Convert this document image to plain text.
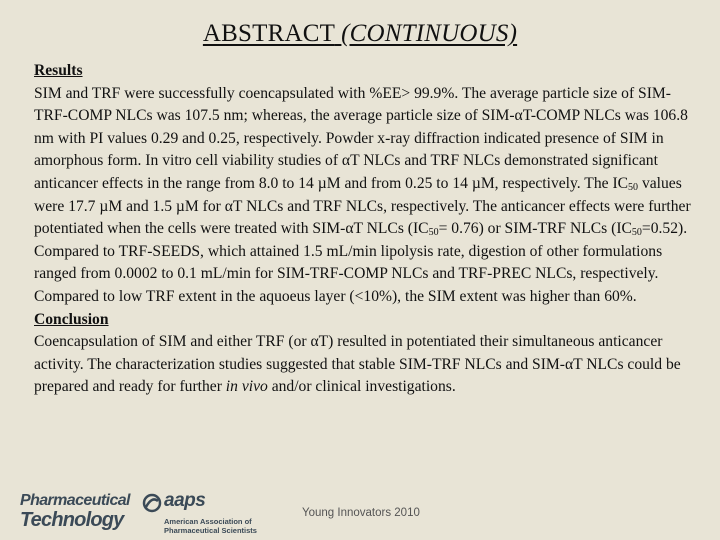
ABSTRACT (CONTINUOUS)
Results
SIM and TRF were successfully coencapsulated with %EE> 99.9%. The average particle size of SIM-TRF-COMP NLCs was 107.5 nm; whereas, the average particle size of SIM-αT-COMP NLCs was 106.8 nm with PI values 0.29 and 0.25, respectively. Powder x-ray diffraction indicated presence of SIM in amorphous form. In vitro cell viability studies of αT NLCs and TRF NLCs demonstrated significant anticancer effects in the range from 8.0 to 14 µM and from 0.25 to 14 µM, respectively. The $IC_{50}$ values were 17.7 µM and 1.5 µM for αT NLCs and TRF NLCs, respectively. The anticancer effects were further potentiated when the cells were treated with SIM-αT NLCs $(IC_{50}= 0.76)$ or SIM-TRF NLCs $(IC_{50}=0.52)$. Compared to TRF-SEEDS, which attained 1.5 mL/min lipolysis rate, digestion of other formulations ranged from 0.0002 to 0.1 mL/min for SIM-TRF-COMP NLCs and TRF-PREC NLCs, respectively. Compared to low TRF extent in the aquoeus layer (<10%), the SIM extent was higher than 60%.
Conclusion
Coencapsulation of SIM and either TRF (or αT) resulted in potentiated their simultaneous anticancer activity. The characterization studies suggested that stable SIM-TRF NLCs and SIM-αT NLCs could be prepared and ready for further in vivo and/or clinical investigations.
Pharmaceutical
Technology
aaps
American Association of
Pharmaceutical Scientists
Young Innovators 2010
